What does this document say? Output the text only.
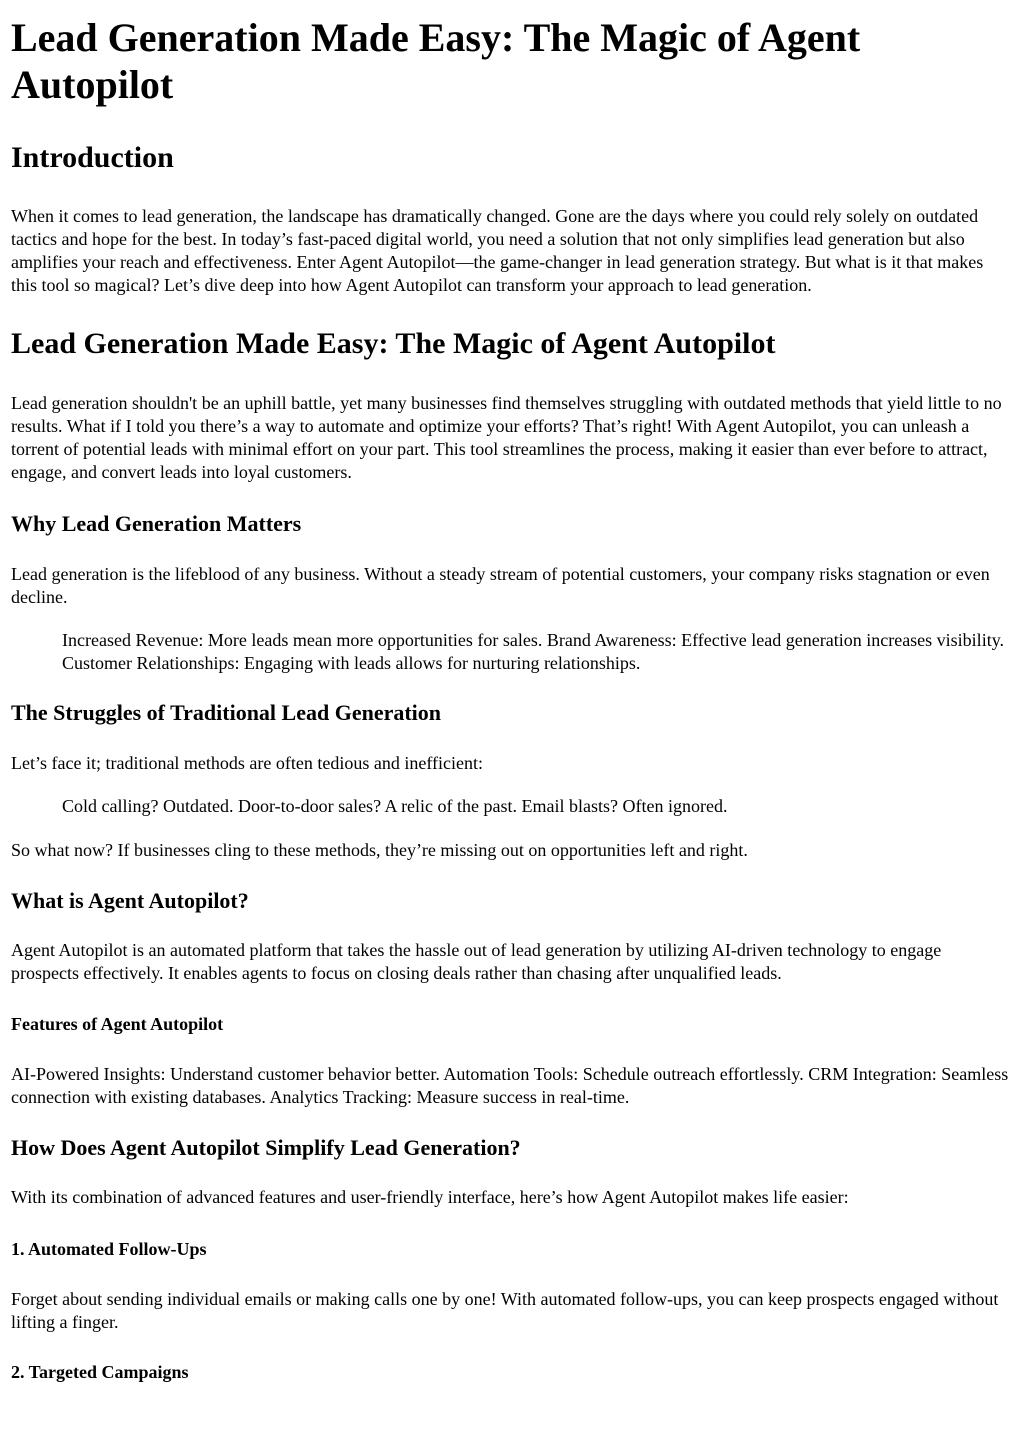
Lead Generation Made Easy: The Magic of Agent Autopilot
Introduction

When it comes to lead generation, the landscape has dramatically changed. Gone are the days where you could rely solely on outdated tactics and hope for the best. In today’s fast-paced digital world, you need a solution that not only simplifies lead generation but also amplifies your reach and effectiveness. Enter Agent Autopilot—the game-changer in lead generation strategy. But what is it that makes this tool so magical? Let’s dive deep into how Agent Autopilot can transform your approach to lead generation.

Lead Generation Made Easy: The Magic of Agent Autopilot

Lead generation shouldn't be an uphill battle, yet many businesses find themselves struggling with outdated methods that yield little to no results. What if I told you there’s a way to automate and optimize your efforts? That’s right! With Agent Autopilot, you can unleash a torrent of potential leads with minimal effort on your part. This tool streamlines the process, making it easier than ever before to attract, engage, and convert leads into loyal customers.

Why Lead Generation Matters

Lead generation is the lifeblood of any business. Without a steady stream of potential customers, your company risks stagnation or even decline.

Increased Revenue: More leads mean more opportunities for sales. Brand Awareness: Effective lead generation increases visibility. Customer Relationships: Engaging with leads allows for nurturing relationships.
The Struggles of Traditional Lead Generation

Let’s face it; traditional methods are often tedious and inefficient:

Cold calling? Outdated. Door-to-door sales? A relic of the past. Email blasts? Often ignored.

So what now? If businesses cling to these methods, they’re missing out on opportunities left and right.

What is Agent Autopilot?

Agent Autopilot is an automated platform that takes the hassle out of lead generation by utilizing AI-driven technology to engage prospects effectively. It enables agents to focus on closing deals rather than chasing after unqualified leads.

Features of Agent Autopilot

AI-Powered Insights: Understand customer behavior better. Automation Tools: Schedule outreach effortlessly. CRM Integration: Seamless connection with existing databases. Analytics Tracking: Measure success in real-time.

How Does Agent Autopilot Simplify Lead Generation?

With its combination of advanced features and user-friendly interface, here’s how Agent Autopilot makes life easier:

1. Automated Follow-Ups

Forget about sending individual emails or making calls one by one! With automated follow-ups, you can keep prospects engaged without lifting a finger.

2. Targeted Campaigns
